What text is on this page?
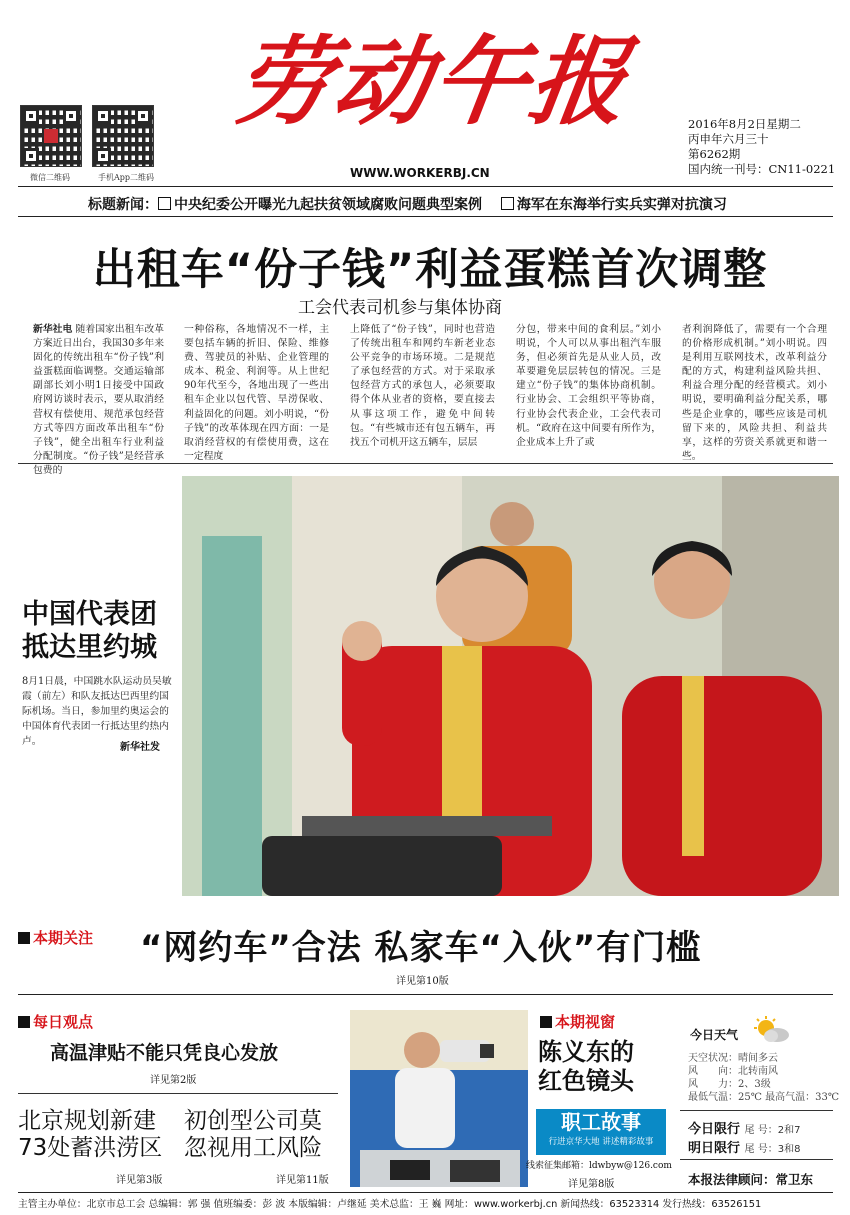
微信二维码	手机App二维码
劳动午报
WWW.WORKERBJ.CN
2016年8月2日星期二
丙申年六月三十
第6262期
国内统一刊号：CN11-0221
标题新闻： 中央纪委公开曝光九起扶贫领域腐败问题典型案例 海军在东海举行实兵实弹对抗演习
出租车“份子钱”利益蛋糕首次调整
工会代表司机参与集体协商
新华社电 随着国家出租车改革方案近日出台，我国30多年来固化的传统出租车“份子钱”利益蛋糕面临调整。交通运输部副部长刘小明1日接受中国政府网访谈时表示，要从取消经营权有偿使用、规范承包经营方式等四方面改革出租车“份子钱”，健全出租车行业利益分配制度。“份子钱”是经营承包费的
一种俗称，各地情况不一样，主要包括车辆的折旧、保险、维修费、驾驶员的补贴、企业管理的成本、税金、利润等。从上世纪90年代至今，各地出现了一些出租车企业以包代管、旱涝保收、利益固化的问题。刘小明说，“份子钱”的改革体现在四方面：一是取消经营权的有偿使用费，这在一定程度
上降低了“份子钱”，同时也营造了传统出租车和网约车新老业态公平竞争的市场环境。二是规范了承包经营的方式。对于采取承包经营方式的承包人，必须要取得个体从业者的资格，要直接去从事这项工作，避免中间转包。“有些城市还有包五辆车，再找五个司机开这五辆车，层层
分包，带来中间的食利层。”刘小明说，个人可以从事出租汽车服务，但必须首先是从业人员，改革要避免层层转包的情况。三是建立“份子钱”的集体协商机制。行业协会、工会组织平等协商，行业协会代表企业，工会代表司机。“政府在这中间要有所作为，企业成本上升了或
者利润降低了，需要有一个合理的价格形成机制。”刘小明说。四是利用互联网技术，改革利益分配的方式，构建利益风险共担、利益合理分配的经营模式。刘小明说，要明确利益分配关系，哪些是企业拿的，哪些应该是司机留下来的，风险共担、利益共享，这样的劳资关系就更和谐一些。
中国代表团
抵达里约城
8月1日晨，中国跳水队运动员吴敏霞（前左）和队友抵达巴西里约国际机场。当日，参加里约奥运会的中国体育代表团一行抵达里约热内卢。
新华社发
本期关注 “网约车”合法 私家车“入伙”有门槛
详见第10版
每日观点
高温津贴不能只凭良心发放
详见第2版
北京规划新建
73处蓄洪涝区
详见第3版
初创型公司莫
忽视用工风险
详见第11版
本期视窗
陈义东的
红色镜头
职工故事
行进京华大地 讲述精彩故事
线索征集邮箱：ldwbyw@126.com
详见第8版
今日天气
天空状况：晴间多云
风　　向：北转南风
风　　力：2、3级
最低气温：25℃ 最高气温：33℃
今日限行 尾 号：2和7
明日限行 尾 号：3和8
本报法律顾问：常卫东
主管主办单位：北京市总工会 总编辑：郭 强 值班编委：彭 波 本版编辑：卢继延 美术总监：王 巍 网址：www.workerbj.cn 新闻热线：63523314 发行热线：63526151
